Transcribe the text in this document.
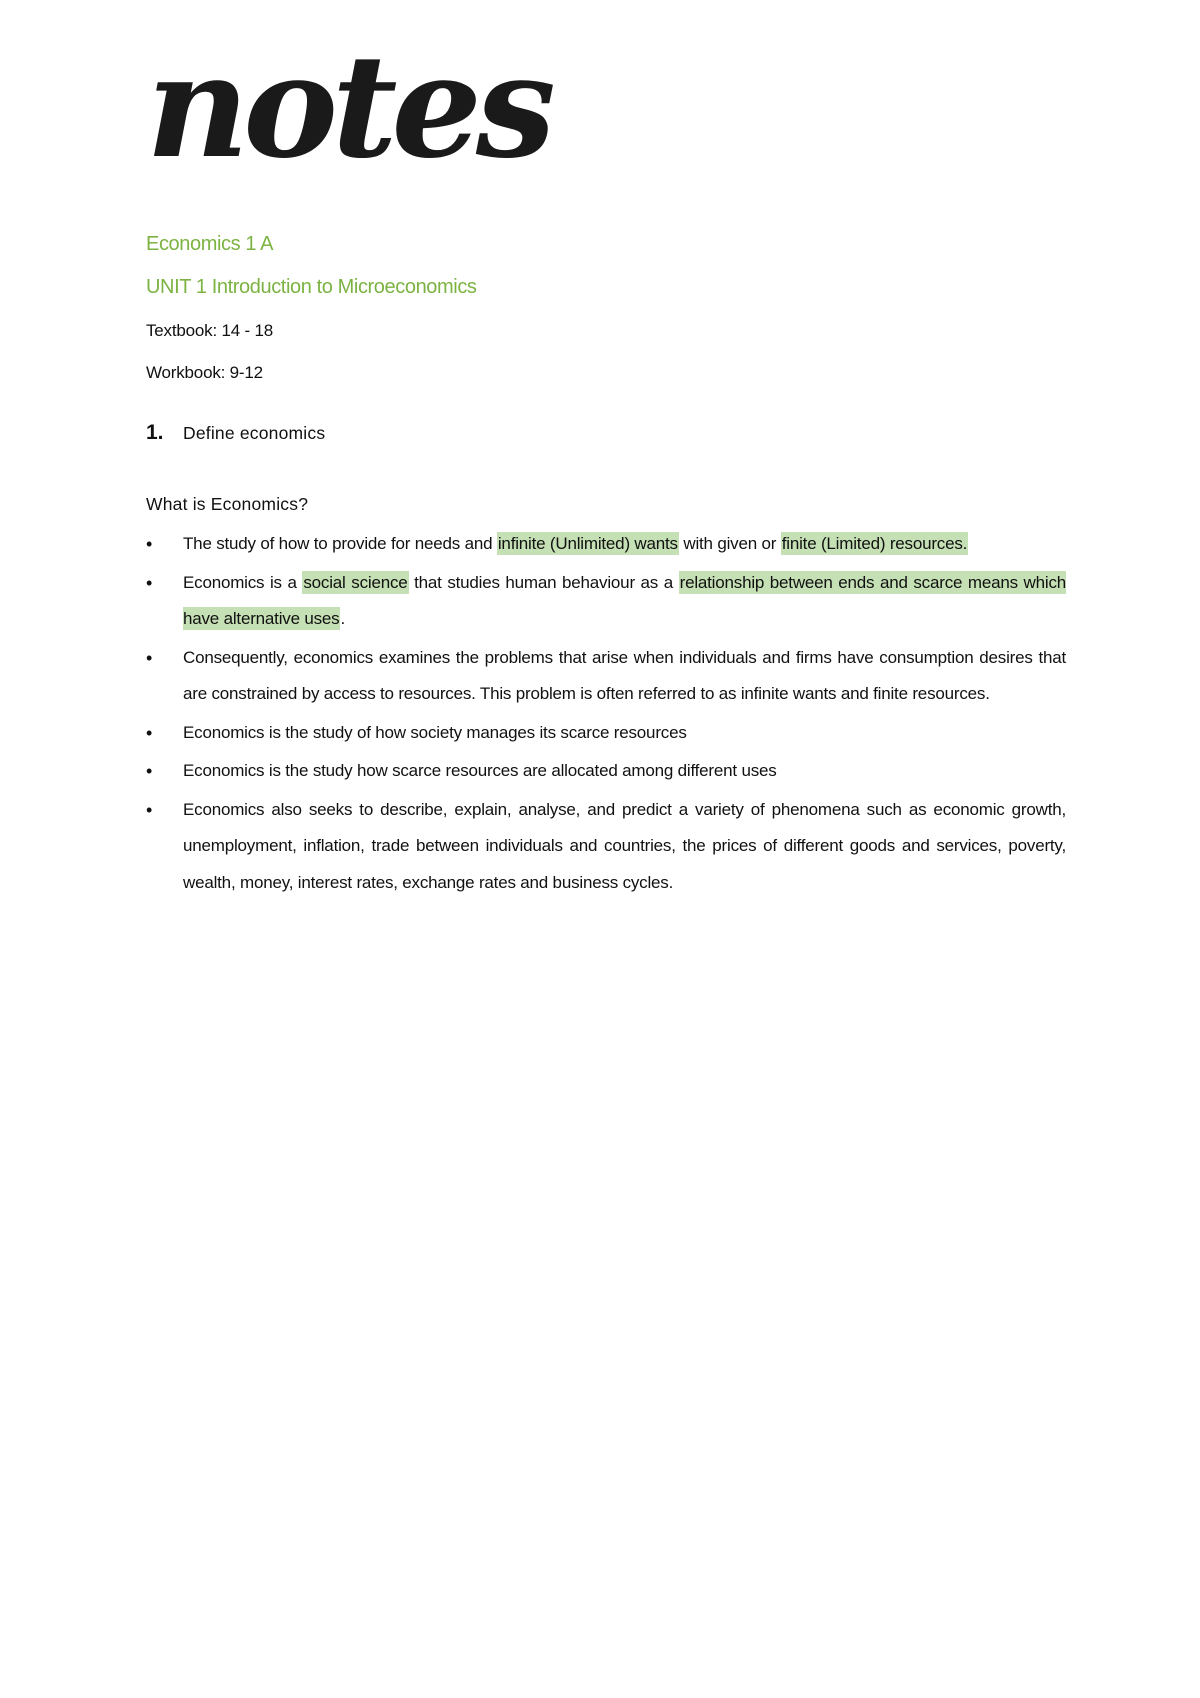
notes
Economics 1 A
UNIT 1 Introduction to Microeconomics
Textbook: 14 - 18
Workbook: 9-12
1. Define economics
What is Economics?
• The study of how to provide for needs and infinite (Unlimited) wants with given or finite (Limited) resources.
• Economics is a social science that studies human behaviour as a relationship between ends and scarce means which have alternative uses.
• Consequently, economics examines the problems that arise when individuals and firms have consumption desires that are constrained by access to resources. This problem is often referred to as infinite wants and finite resources.
• Economics is the study of how society manages its scarce resources
• Economics is the study how scarce resources are allocated among different uses
• Economics also seeks to describe, explain, analyse, and predict a variety of phenomena such as economic growth, unemployment, inflation, trade between individuals and countries, the prices of different goods and services, poverty, wealth, money, interest rates, exchange rates and business cycles.
